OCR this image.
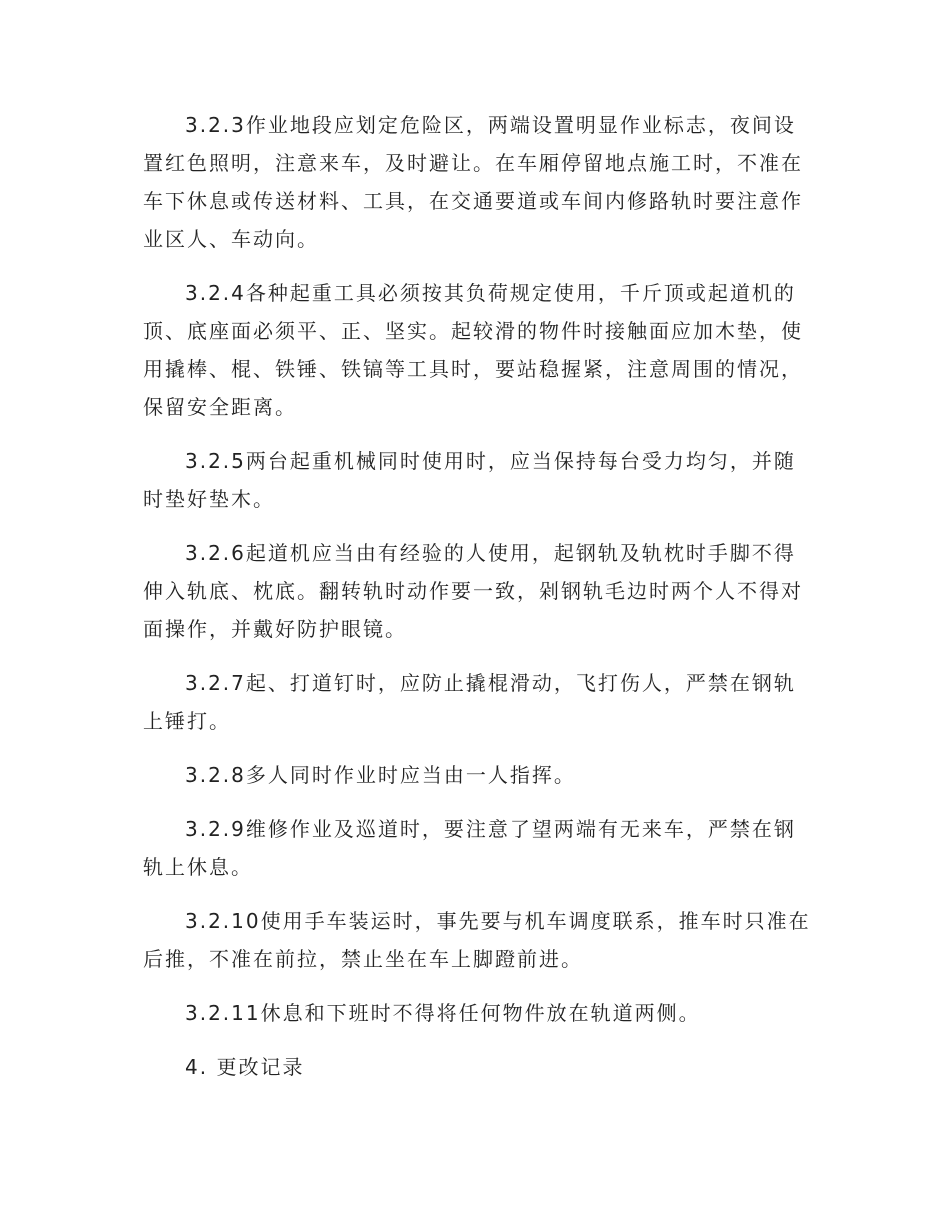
3.2.3作业地段应划定危险区，两端设置明显作业标志，夜间设置红色照明，注意来车，及时避让。在车厢停留地点施工时，不准在车下休息或传送材料、工具，在交通要道或车间内修路轨时要注意作业区人、车动向。

3.2.4各种起重工具必须按其负荷规定使用，千斤顶或起道机的顶、底座面必须平、正、坚实。起较滑的物件时接触面应加木垫，使用撬棒、棍、铁锤、铁镐等工具时，要站稳握紧，注意周围的情况，保留安全距离。

3.2.5两台起重机械同时使用时，应当保持每台受力均匀，并随时垫好垫木。

3.2.6起道机应当由有经验的人使用，起钢轨及轨枕时手脚不得伸入轨底、枕底。翻转轨时动作要一致，剁钢轨毛边时两个人不得对面操作，并戴好防护眼镜。

3.2.7起、打道钉时，应防止撬棍滑动，飞打伤人，严禁在钢轨上锤打。

3.2.8多人同时作业时应当由一人指挥。

3.2.9维修作业及巡道时，要注意了望两端有无来车，严禁在钢轨上休息。

3.2.10使用手车装运时，事先要与机车调度联系，推车时只准在后推，不准在前拉，禁止坐在车上脚蹬前进。

3.2.11休息和下班时不得将任何物件放在轨道两侧。

4. 更改记录
